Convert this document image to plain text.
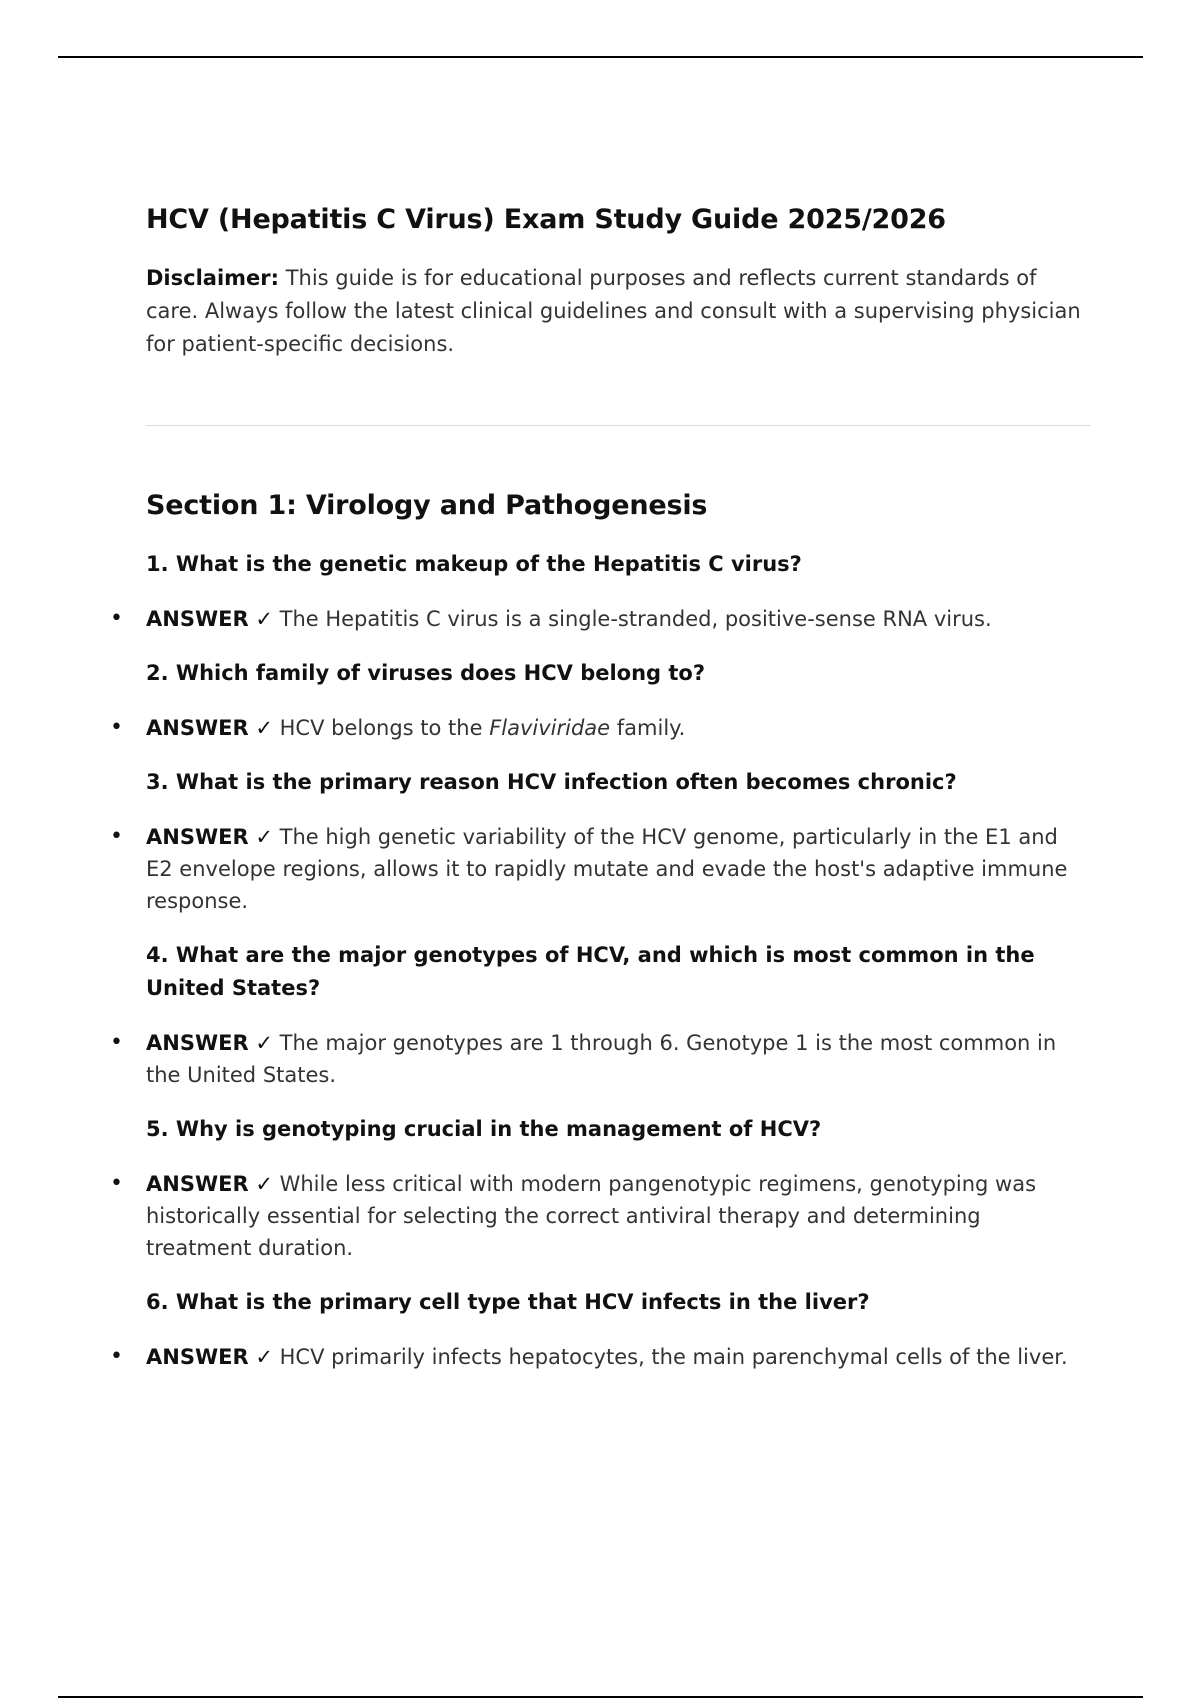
HCV (Hepatitis C Virus) Exam Study Guide 2025/2026

Disclaimer: This guide is for educational purposes and reflects current standards of care. Always follow the latest clinical guidelines and consult with a supervising physician for patient-specific decisions.

Section 1: Virology and Pathogenesis
1. What is the genetic makeup of the Hepatitis C virus?
• ANSWER ✓ The Hepatitis C virus is a single-stranded, positive-sense RNA virus.
2. Which family of viruses does HCV belong to?
• ANSWER ✓ HCV belongs to the Flaviviridae family.
3. What is the primary reason HCV infection often becomes chronic?
• ANSWER ✓ The high genetic variability of the HCV genome, particularly in the E1 and E2 envelope regions, allows it to rapidly mutate and evade the host's adaptive immune response.
4. What are the major genotypes of HCV, and which is most common in the United States?
• ANSWER ✓ The major genotypes are 1 through 6. Genotype 1 is the most common in the United States.
5. Why is genotyping crucial in the management of HCV?
• ANSWER ✓ While less critical with modern pangenotypic regimens, genotyping was historically essential for selecting the correct antiviral therapy and determining treatment duration.
6. What is the primary cell type that HCV infects in the liver?
• ANSWER ✓ HCV primarily infects hepatocytes, the main parenchymal cells of the liver.
